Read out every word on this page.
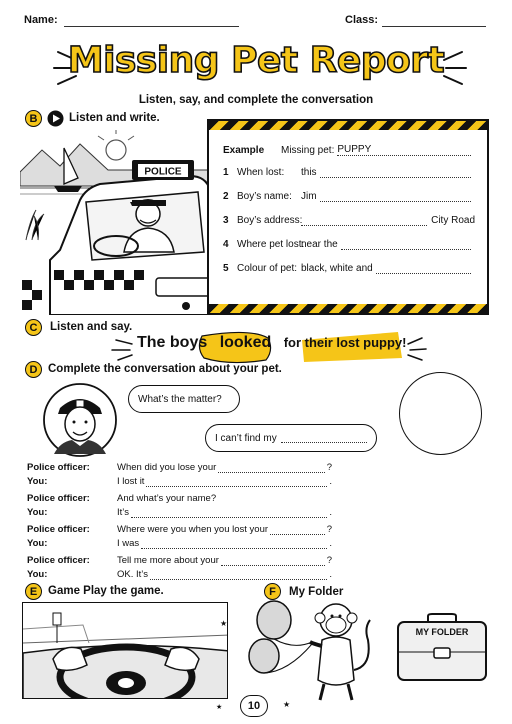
Name:	Class:
Missing Pet Report
Listen, say, and complete the conversation
B	Listen and write.
POLICE
Example	Missing pet: PUPPY
1 When lost:	this
2 Boy’s name: Jim
3 Boy’s address:	City Road
4 Where pet lost:
near the
5 Colour of pet: black, white and
C	Listen and say.
The boys looked for their lost puppy!
D Complete the conversation about your pet.
What’s the matter?
I can’t find my
Police officer:	When did you lose your	?
You:	I lost it	.
Police officer:	And what’s your name?
You:	It’s	.
Police officer:	Where were you when you lost your	?
You:	I was	.
Police officer:	Tell me more about your	?
You:	OK. It’s	.
E Game Play the game.
★
★
★
F	My Folder
MY FOLDER
10
